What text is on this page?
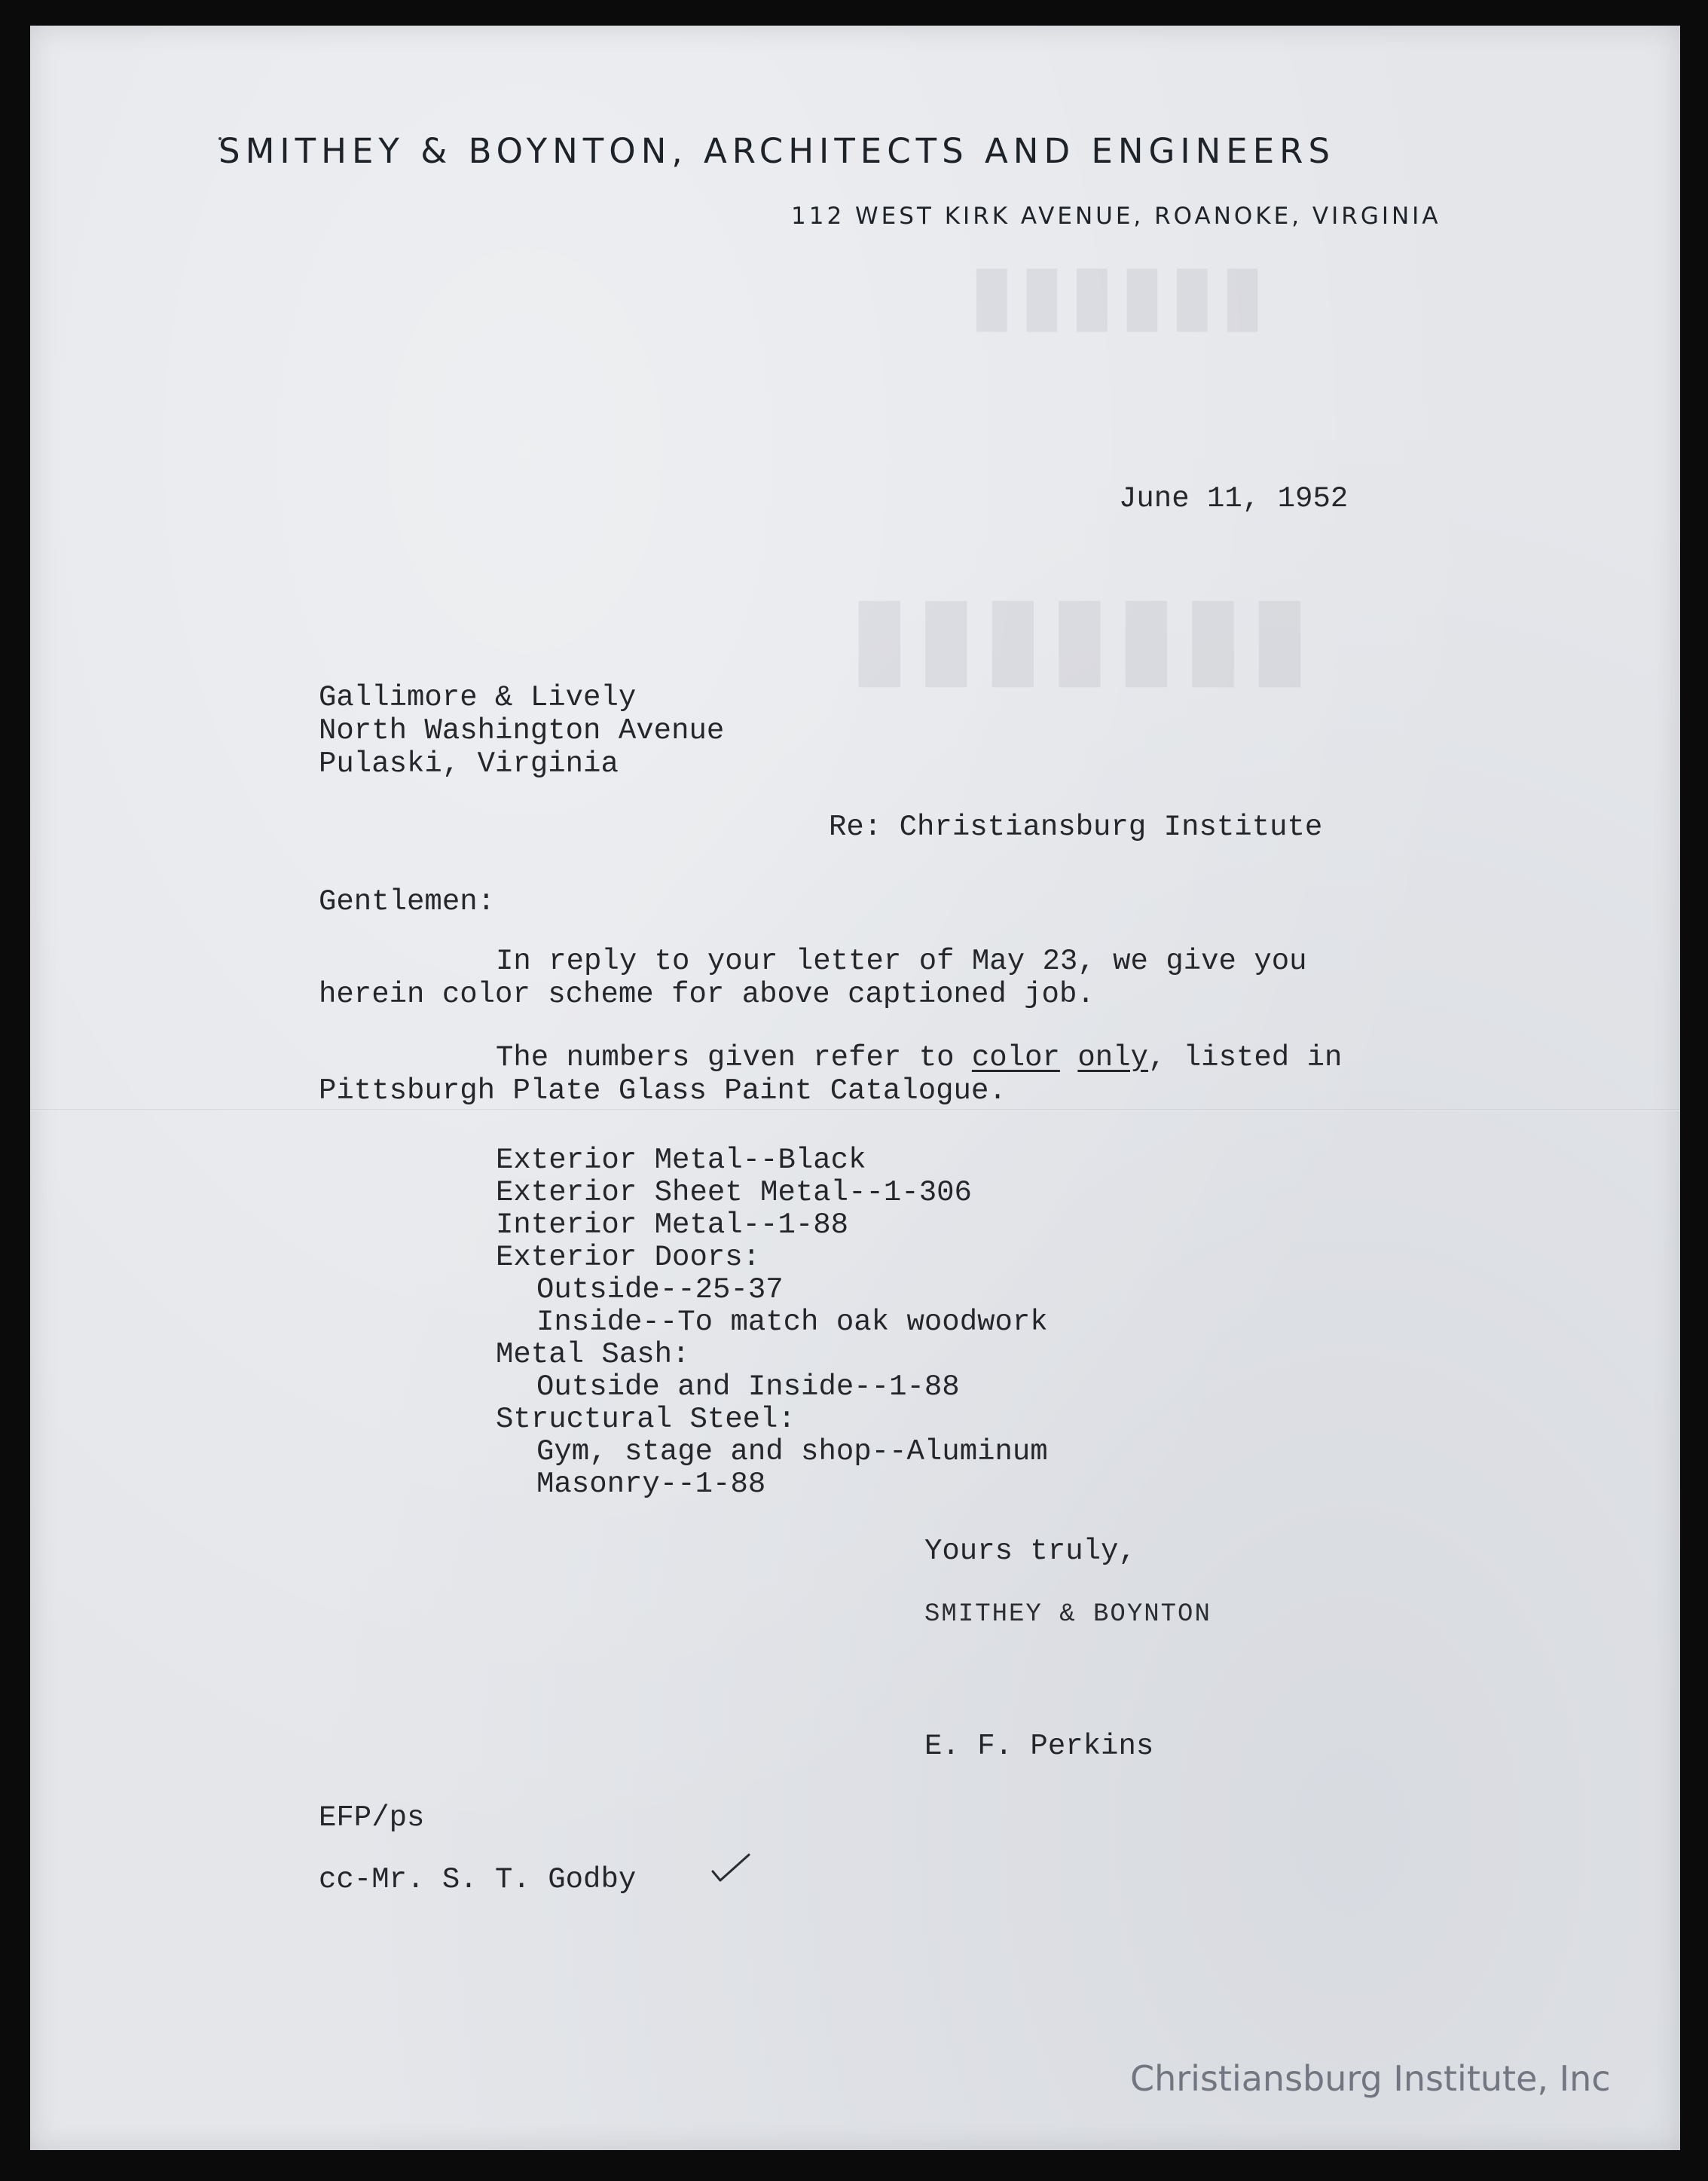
▮▮▮▮▮▮
▮▮▮▮▮▮▮
SMITHEY & BOYNTON, ARCHITECTS AND ENGINEERS
112 WEST KIRK AVENUE, ROANOKE, VIRGINIA
June 11, 1952
Gallimore & Lively
North Washington Avenue
Pulaski, Virginia
Re: Christiansburg Institute
Gentlemen:
In reply to your letter of May 23, we give you
herein color scheme for above captioned job.
The numbers given refer to color only, listed in
Pittsburgh Plate Glass Paint Catalogue.
Exterior Metal--Black
Exterior Sheet Metal--1-306
Interior Metal--1-88
Exterior Doors:
Outside--25-37
Inside--To match oak woodwork
Metal Sash:
Outside and Inside--1-88
Structural Steel:
Gym, stage and shop--Aluminum
Masonry--1-88
Yours truly,
SMITHEY & BOYNTON
E. F. Perkins
EFP/ps
cc-Mr. S. T. Godby
Christiansburg Institute, Inc
